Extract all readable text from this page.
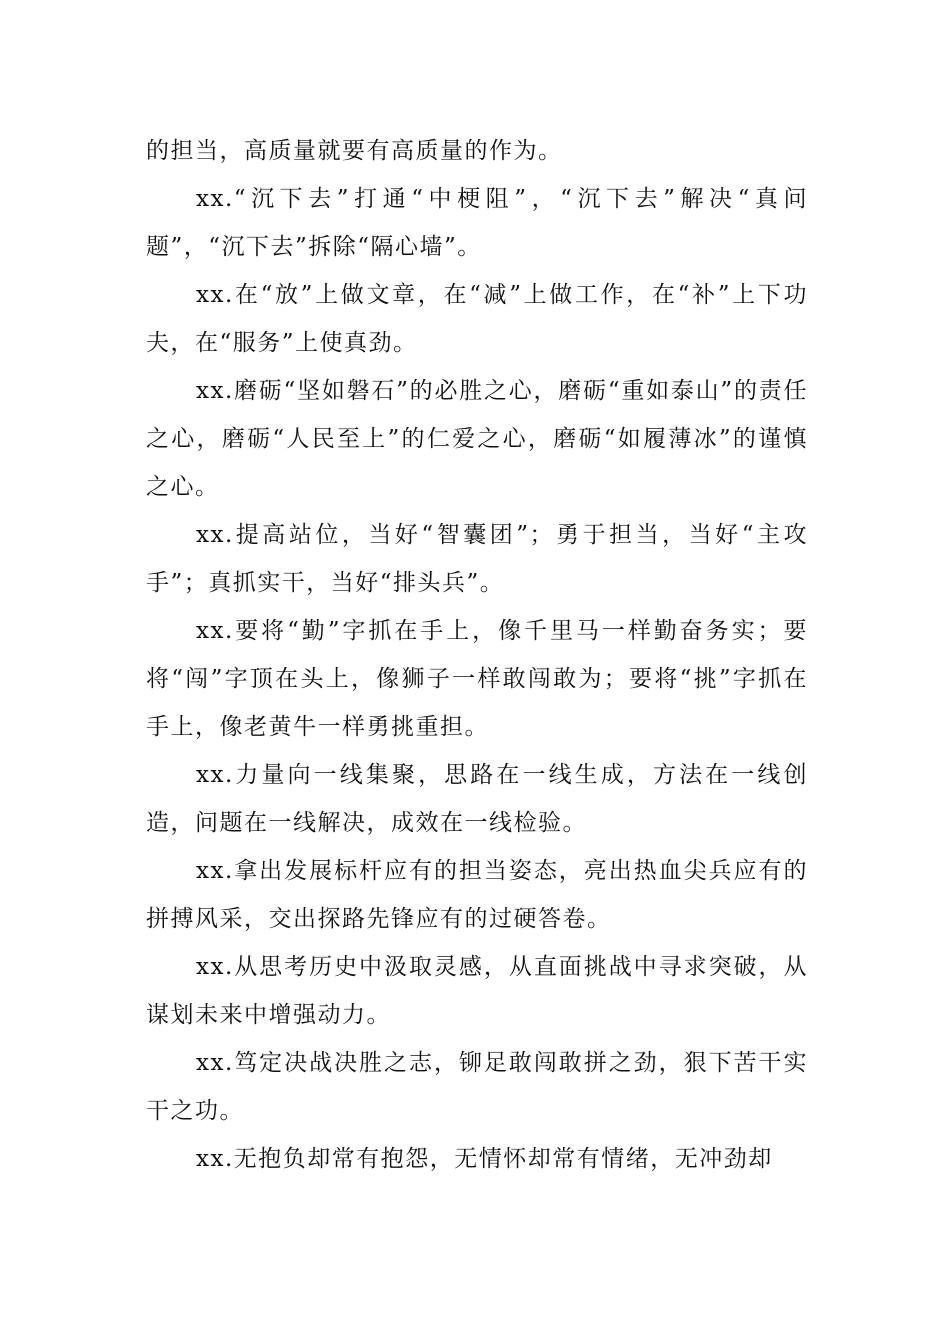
的担当，高质量就要有高质量的作为。

xx.“沉下去”打通“中梗阻”，“沉下去”解决“真问题”，“沉下去”拆除“隔心墙”。

xx.在“放”上做文章，在“减”上做工作，在“补”上下功夫，在“服务”上使真劲。

xx.磨砺“坚如磐石”的必胜之心，磨砺“重如泰山”的责任之心，磨砺“人民至上”的仁爱之心，磨砺“如履薄冰”的谨慎之心。

xx.提高站位，当好“智囊团”；勇于担当，当好“主攻手”；真抓实干，当好“排头兵”。

xx.要将“勤”字抓在手上，像千里马一样勤奋务实；要将“闯”字顶在头上，像狮子一样敢闯敢为；要将“挑”字抓在手上，像老黄牛一样勇挑重担。

xx.力量向一线集聚，思路在一线生成，方法在一线创造，问题在一线解决，成效在一线检验。

xx.拿出发展标杆应有的担当姿态，亮出热血尖兵应有的拼搏风采，交出探路先锋应有的过硬答卷。

xx.从思考历史中汲取灵感，从直面挑战中寻求突破，从谋划未来中增强动力。

xx.笃定决战决胜之志，铆足敢闯敢拼之劲，狠下苦干实干之功。

xx.无抱负却常有抱怨，无情怀却常有情绪，无冲劲却
